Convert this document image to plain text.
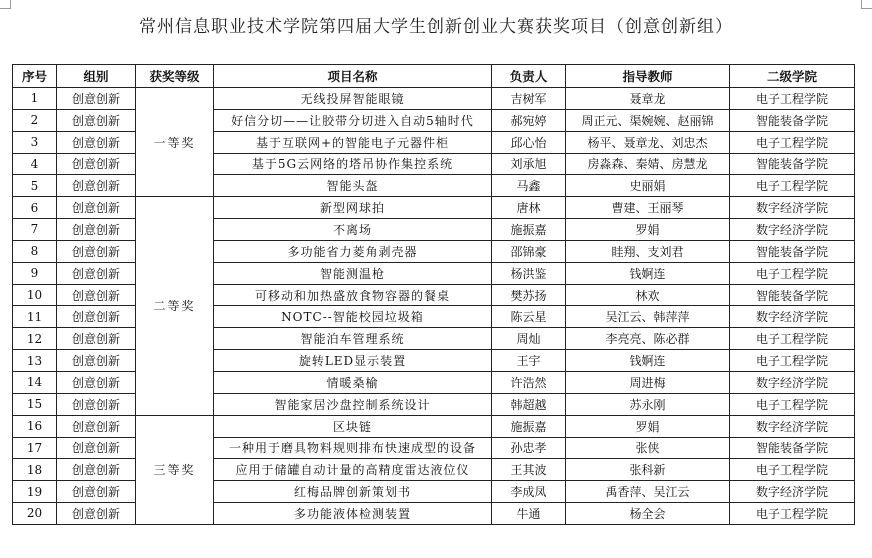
常州信息职业技术学院第四届大学生创新创业大赛获奖项目（创意创新组）
序号	组别	获奖等级	项目名称	负责人	指导教师	二级学院
1	创意创新	一等奖	无线投屏智能眼镜	吉树军	聂章龙	电子工程学院
2	创意创新		好信分切——让胶带分切进入自动5轴时代	郝宛婷	周正元、渠婉婉、赵丽锦	智能装备学院
3	创意创新		基于互联网+的智能电子元器件柜	邱心怡	杨平、聂章龙、刘忠杰	电子工程学院
4	创意创新		基于5G云网络的塔吊协作集控系统	刘承旭	房淼森、秦婧、房慧龙	智能装备学院
5	创意创新		智能头盔	马鑫	史丽娟	电子工程学院
6	创意创新	二等奖	新型网球拍	唐林	曹建、王丽琴	数字经济学院
7	创意创新		不离场	施振嘉	罗娟	数字经济学院
8	创意创新		多功能省力菱角剥壳器	邵锦豪	眭翔、支刘君	智能装备学院
9	创意创新		智能测温枪	杨洪鉴	钱婀连	电子工程学院
10	创意创新		可移动和加热盛放食物容器的餐桌	樊苏扬	林欢	智能装备学院
11	创意创新		NOTC--智能校园垃圾箱	陈云星	吴江云、韩萍萍	数字经济学院
12	创意创新		智能泊车管理系统	周灿	李亮亮、陈必群	电子工程学院
13	创意创新		旋转LED显示装置	王宇	钱婀连	电子工程学院
14	创意创新		情暖桑榆	许浩然	周进梅	数字经济学院
15	创意创新		智能家居沙盘控制系统设计	韩超越	苏永刚	电子工程学院
16	创意创新	三等奖	区块链	施振嘉	罗娟	数字经济学院
17	创意创新		一种用于磨具物料规则排布快速成型的设备	孙忠孝	张侠	智能装备学院
18	创意创新		应用于储罐自动计量的高精度雷达液位仪	王其波	张科新	电子工程学院
19	创意创新		红梅品牌创新策划书	李成凤	禹香萍、吴江云	数字经济学院
20	创意创新		多功能液体检测装置	牛通	杨全会	电子工程学院
